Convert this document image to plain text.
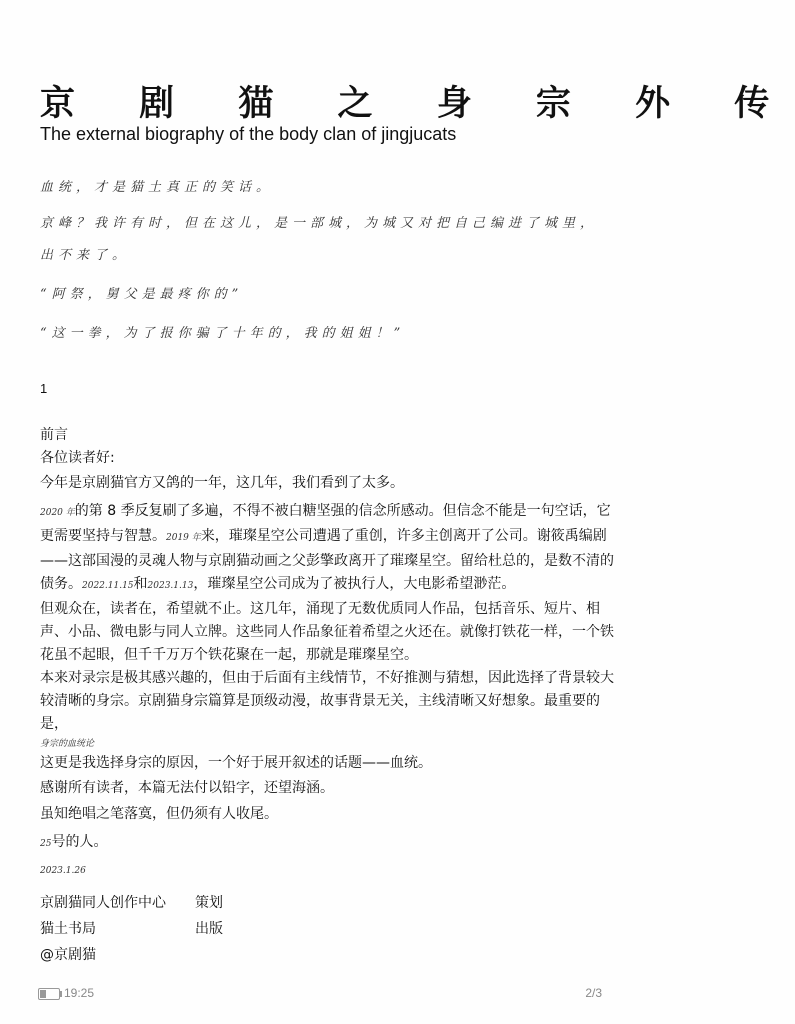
京 剧 猫 之 身 宗 外 传
The external biography of the body clan of jingjucats
血统，才是猫土真正的笑话。
京峰？我许有时，但在这儿，是一部城，为城又对把自己编进了城里，
出不来了。
“阿祭，舅父是最疼你的”
“这一拳，为了报你骗了十年的，我的姐姐！”
1
前言
各位读者好:
今年是京剧猫官方又鸽的一年，这几年，我们看到了太多。
2020 年的第 8 季反复刷了多遍，不得不被白糖坚强的信念所感动。但信念不能是一句空话，它更需要坚持与智慧。2019 年来，璀璨星空公司遭遇了重创，许多主创离开了公司。谢筱禹编剧——这部国漫的灵魂人物与京剧猫动画之父彭擎政离开了璀璨星空。留给杜总的，是数不清的债务。2022.11.15和2023.1.13，璀璨星空公司成为了被执行人，大电影希望渺茫。
但观众在，读者在，希望就不止。这几年，涌现了无数优质同人作品，包括音乐、短片、相声、小品、微电影与同人立牌。这些同人作品象征着希望之火还在。就像打铁花一样，一个铁花虽不起眼，但千千万万个铁花聚在一起，那就是璀璨星空。
本来对录宗是极其感兴趣的，但由于后面有主线情节，不好推测与猜想，因此选择了背景较大较清晰的身宗。京剧猫身宗篇算是顶级动漫，故事背景无关，主线清晰又好想象。最重要的是，
身宗的血统论
这更是我选择身宗的原因，一个好于展开叙述的话题——血统。
感谢所有读者，本篇无法付以铅字，还望海涵。
虽知绝唱之笔落寞，但仍须有人收尾。
25号的人。
2023.1.26
京剧猫同人创作中心 策划
猫土书局	出版
@京剧猫
19:25	2/3
